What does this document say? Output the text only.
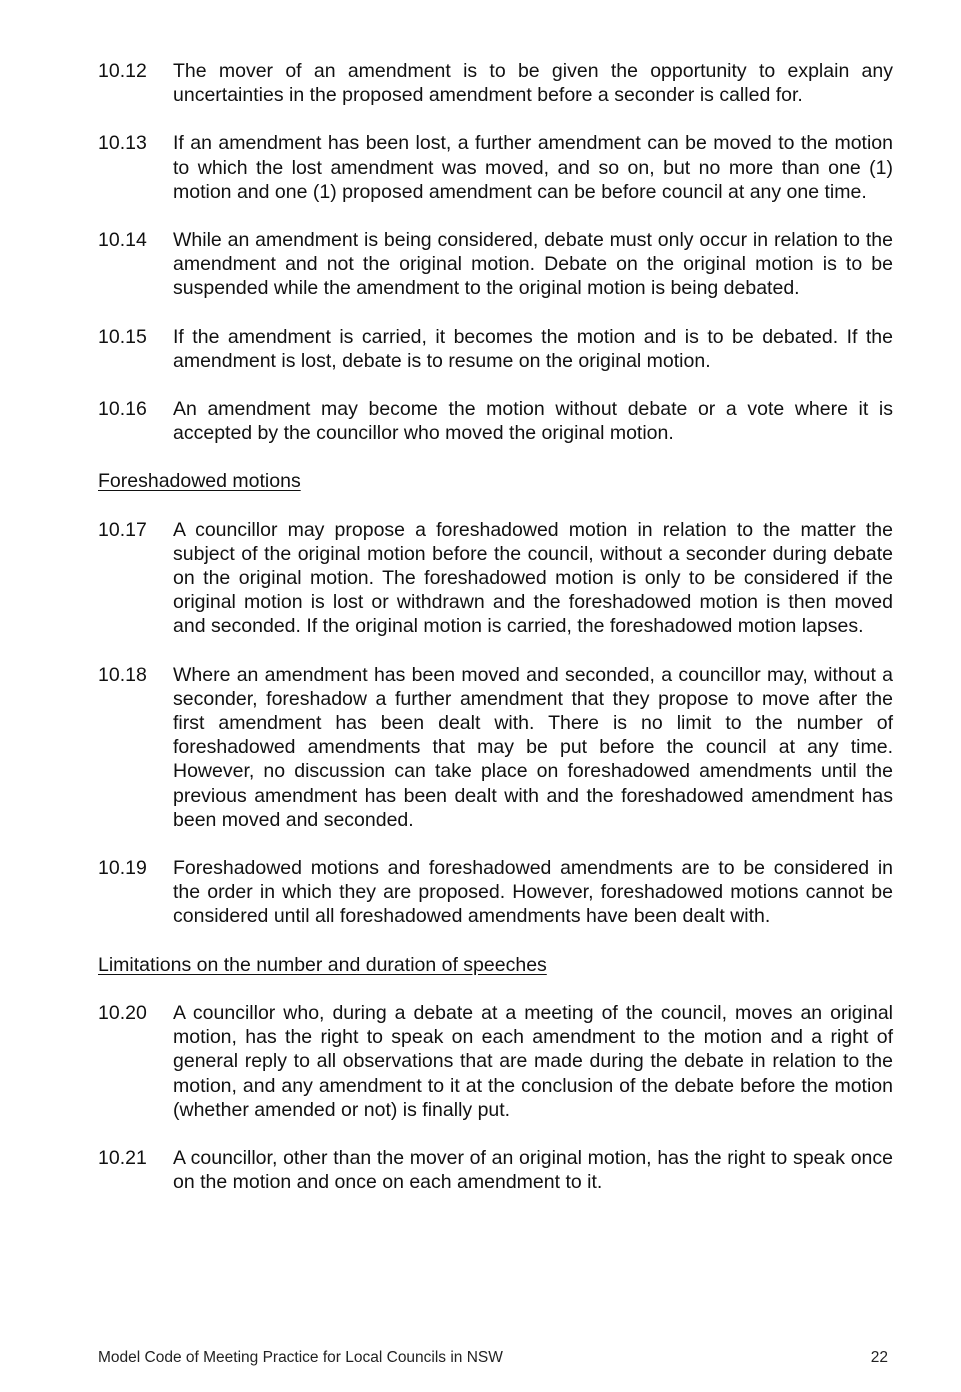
10.12	The mover of an amendment is to be given the opportunity to explain any uncertainties in the proposed amendment before a seconder is called for.
10.13	If an amendment has been lost, a further amendment can be moved to the motion to which the lost amendment was moved, and so on, but no more than one (1) motion and one (1) proposed amendment can be before council at any one time.
10.14	While an amendment is being considered, debate must only occur in relation to the amendment and not the original motion. Debate on the original motion is to be suspended while the amendment to the original motion is being debated.
10.15	If the amendment is carried, it becomes the motion and is to be debated. If the amendment is lost, debate is to resume on the original motion.
10.16	An amendment may become the motion without debate or a vote where it is accepted by the councillor who moved the original motion.
Foreshadowed motions
10.17	A councillor may propose a foreshadowed motion in relation to the matter the subject of the original motion before the council, without a seconder during debate on the original motion. The foreshadowed motion is only to be considered if the original motion is lost or withdrawn and the foreshadowed motion is then moved and seconded. If the original motion is carried, the foreshadowed motion lapses.
10.18	Where an amendment has been moved and seconded, a councillor may, without a seconder, foreshadow a further amendment that they propose to move after the first amendment has been dealt with. There is no limit to the number of foreshadowed amendments that may be put before the council at any time. However, no discussion can take place on foreshadowed amendments until the previous amendment has been dealt with and the foreshadowed amendment has been moved and seconded.
10.19	Foreshadowed motions and foreshadowed amendments are to be considered in the order in which they are proposed. However, foreshadowed motions cannot be considered until all foreshadowed amendments have been dealt with.
Limitations on the number and duration of speeches
10.20	A councillor who, during a debate at a meeting of the council, moves an original motion, has the right to speak on each amendment to the motion and a right of general reply to all observations that are made during the debate in relation to the motion, and any amendment to it at the conclusion of the debate before the motion (whether amended or not) is finally put.
10.21	A councillor, other than the mover of an original motion, has the right to speak once on the motion and once on each amendment to it.
Model Code of Meeting Practice for Local Councils in NSW	22
